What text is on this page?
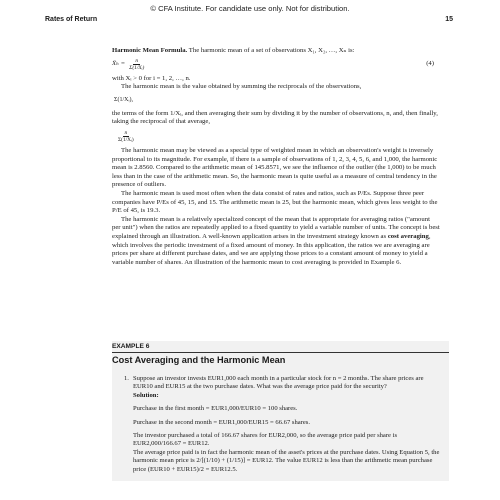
© CFA Institute. For candidate use only. Not for distribution.
Rates of Return	15

Harmonic Mean Formula. The harmonic mean of a set of observations X₁, X₂, …, Xₙ is:

X̄ₕ = $\frac{n}{\text{Σ(1/Xᵢ)}}$	(4)

with Xᵢ > 0 for i = 1, 2, …, n.

The harmonic mean is the value obtained by summing the reciprocals of the observations,

Σ(1/Xᵢ),

the terms of the form 1/Xᵢ, and then averaging their sum by dividing it by the number of observations, n, and, then finally, taking the reciprocal of that average,

$\frac{n}{\text{Σ(1/Xᵢ)}}$

The harmonic mean may be viewed as a special type of weighted mean in which an observation's weight is inversely proportional to its magnitude. For example, if there is a sample of observations of 1, 2, 3, 4, 5, 6, and 1,000, the harmonic mean is 2.8560. Compared to the arithmetic mean of 145.8571, we see the influence of the outlier (the 1,000) to be much less than in the case of the arithmetic mean. So, the harmonic mean is quite useful as a measure of central tendency in the presence of outliers.

The harmonic mean is used most often when the data consist of rates and ratios, such as P/Es. Suppose three peer companies have P/Es of 45, 15, and 15. The arithmetic mean is 25, but the harmonic mean, which gives less weight to the P/E of 45, is 19.3.

The harmonic mean is a relatively specialized concept of the mean that is appropriate for averaging ratios ("amount per unit") when the ratios are repeatedly applied to a fixed quantity to yield a variable number of units. The concept is best explained through an illustration. A well-known application arises in the investment strategy known as cost averaging, which involves the periodic investment of a fixed amount of money. In this application, the ratios we are averaging are prices per share at different purchase dates, and we are applying those prices to a constant amount of money to yield a variable number of shares. An illustration of the harmonic mean to cost averaging is provided in Example 6.

EXAMPLE 6
Cost Averaging and the Harmonic Mean
1. Suppose an investor invests EUR1,000 each month in a particular stock for n = 2 months. The share prices are EUR10 and EUR15 at the two purchase dates. What was the average price paid for the security?

Solution:

Purchase in the first month = EUR1,000/EUR10 = 100 shares.

Purchase in the second month = EUR1,000/EUR15 = 66.67 shares.

The investor purchased a total of 166.67 shares for EUR2,000, so the average price paid per share is EUR2,000/166.67 = EUR12.

The average price paid is in fact the harmonic mean of the asset's prices at the purchase dates. Using Equation 5, the harmonic mean price is 2/[(1/10) + (1/15)] = EUR12. The value EUR12 is less than the arithmetic mean purchase price (EUR10 + EUR15)/2 = EUR12.5.
